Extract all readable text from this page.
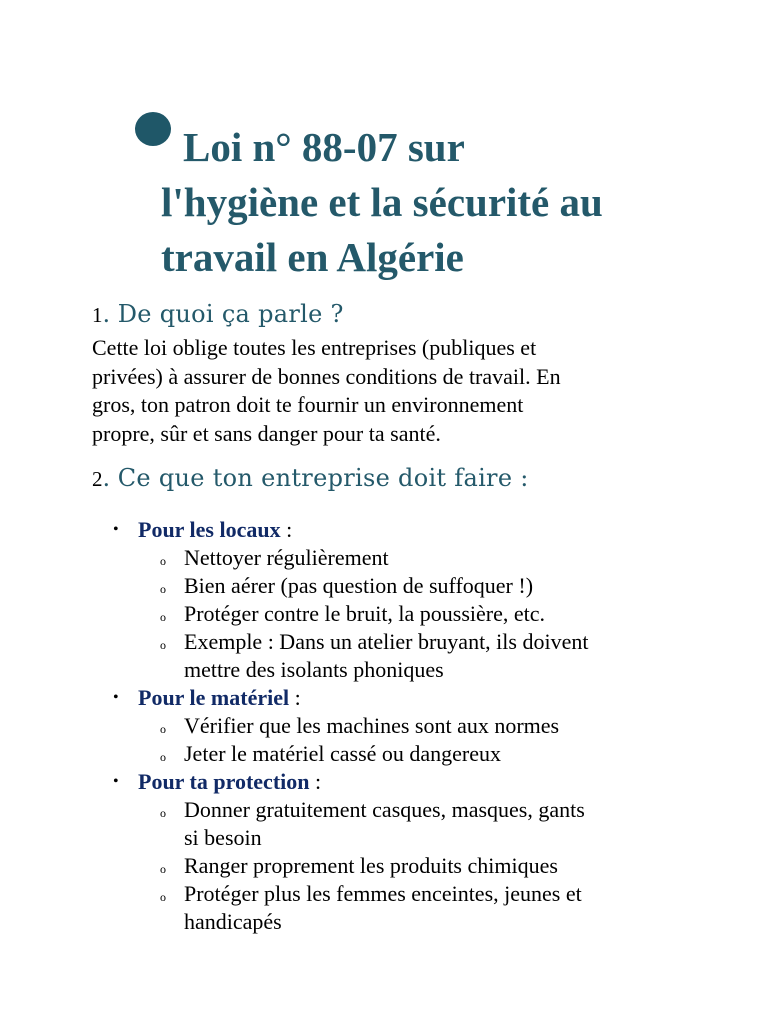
Loi n° 88-07 sur
l'hygiène et la sécurité au
travail en Algérie
1. De quoi ça parle ?

Cette loi oblige toutes les entreprises (publiques et
privées) à assurer de bonnes conditions de travail. En
gros, ton patron doit te fournir un environnement
propre, sûr et sans danger pour ta santé.

2. Ce que ton entreprise doit faire :
• Pour les locaux :
o Nettoyer régulièrement
o Bien aérer (pas question de suffoquer !)
o Protéger contre le bruit, la poussière, etc.
o Exemple : Dans un atelier bruyant, ils doivent
mettre des isolants phoniques
• Pour le matériel :
o Vérifier que les machines sont aux normes
o Jeter le matériel cassé ou dangereux
• Pour ta protection :
o Donner gratuitement casques, masques, gants
si besoin
o Ranger proprement les produits chimiques
o Protéger plus les femmes enceintes, jeunes et
handicapés
